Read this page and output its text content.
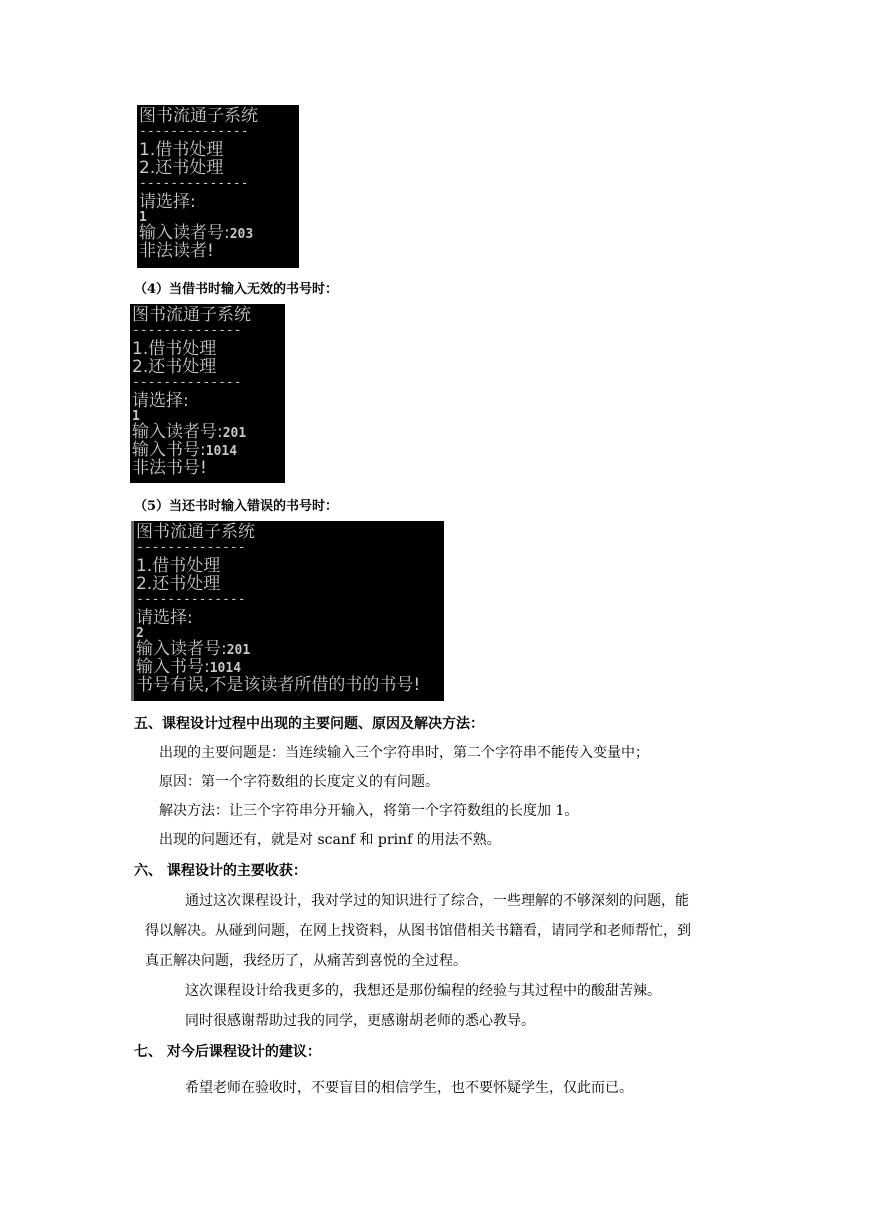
图书流通子系统
--------------
1.借书处理
2.还书处理
--------------
请选择:
1
输入读者号:203
非法读者!
（4）当借书时输入无效的书号时：
图书流通子系统
--------------
1.借书处理
2.还书处理
--------------
请选择:
1
输入读者号:201
输入书号:1014
非法书号!
（5）当还书时输入错误的书号时：
图书流通子系统
--------------
1.借书处理
2.还书处理
--------------
请选择:
2
输入读者号:201
输入书号:1014
书号有误,不是该读者所借的书的书号!
五、课程设计过程中出现的主要问题、原因及解决方法：
出现的主要问题是：当连续输入三个字符串时，第二个字符串不能传入变量中；
原因：第一个字符数组的长度定义的有问题。
解决方法：让三个字符串分开输入，将第一个字符数组的长度加 1。
出现的问题还有，就是对 scanf 和 prinf 的用法不熟。
六、 课程设计的主要收获：
通过这次课程设计，我对学过的知识进行了综合，一些理解的不够深刻的问题，能
得以解决。从碰到问题，在网上找资料，从图书馆借相关书籍看，请同学和老师帮忙，到
真正解决问题，我经历了，从痛苦到喜悦的全过程。
这次课程设计给我更多的，我想还是那份编程的经验与其过程中的酸甜苦辣。
同时很感谢帮助过我的同学，更感谢胡老师的悉心教导。
七、 对今后课程设计的建议：
希望老师在验收时，不要盲目的相信学生，也不要怀疑学生，仅此而已。
